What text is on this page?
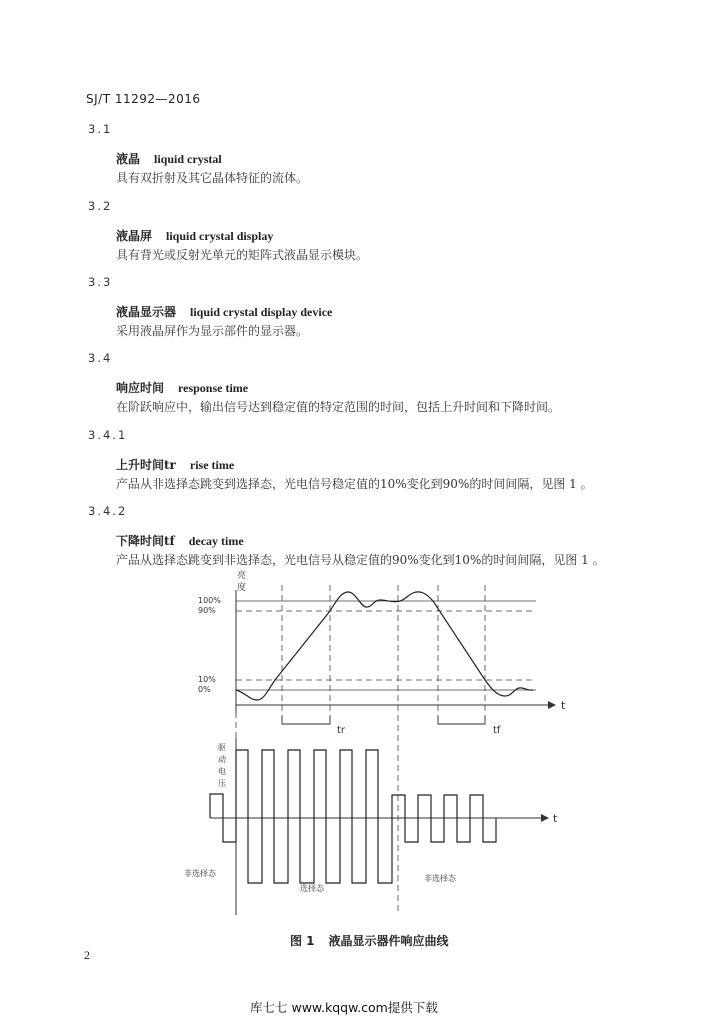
SJ/T 11292—2016
3.1
液晶 liquid crystal
具有双折射及其它晶体特征的流体。
3.2
液晶屏 liquid crystal display
具有背光或反射光单元的矩阵式液晶显示模块。
3.3
液晶显示器 liquid crystal display device
采用液晶屏作为显示部件的显示器。
3.4
响应时间 response time
在阶跃响应中，输出信号达到稳定值的特定范围的时间，包括上升时间和下降时间。
3.4.1
上升时间tr rise time
产品从非选择态跳变到选择态，光电信号稳定值的10%变化到90%的时间间隔，见图 1 。
3.4.2
下降时间tf decay time
产品从选择态跳变到非选择态，光电信号从稳定值的90%变化到10%的时间间隔，见图 1 。
t
亮
度
100%
90%
10%
0%
tr	tf
驱
动
电
压
t
非选择态
选择态
非选择态
图 1 液晶显示器件响应曲线
2
库七七 www.kqqw.com提供下载
